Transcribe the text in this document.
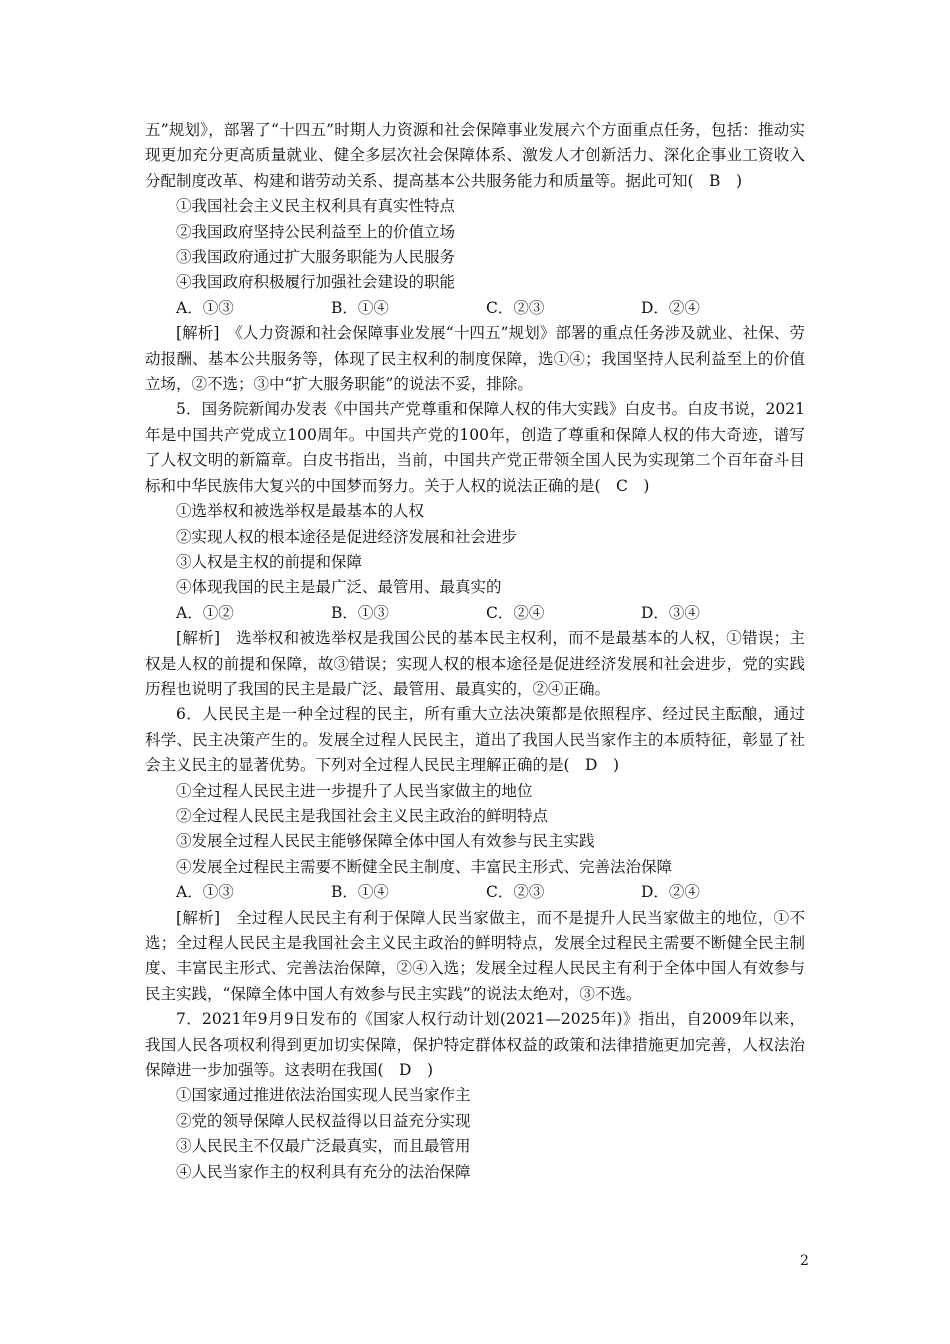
五”规划》，部署了“十四五”时期人力资源和社会保障事业发展六个方面重点任务，包括：推动实现更加充分更高质量就业、健全多层次社会保障体系、激发人才创新活力、深化企事业工资收入分配制度改革、构建和谐劳动关系、提高基本公共服务能力和质量等。据此可知(　B　)

①我国社会主义民主权利具有真实性特点

②我国政府坚持公民利益至上的价值立场

③我国政府通过扩大服务职能为人民服务

④我国政府积极履行加强社会建设的职能

A．①③	B．①④	C．②③	D．②④

[解析]　《人力资源和社会保障事业发展“十四五”规划》部署的重点任务涉及就业、社保、劳动报酬、基本公共服务等，体现了民主权利的制度保障，选①④；我国坚持人民利益至上的价值立场，②不选；③中“扩大服务职能”的说法不妥，排除。

5．国务院新闻办发表《中国共产党尊重和保障人权的伟大实践》白皮书。白皮书说，2021年是中国共产党成立100周年。中国共产党的100年，创造了尊重和保障人权的伟大奇迹，谱写了人权文明的新篇章。白皮书指出，当前，中国共产党正带领全国人民为实现第二个百年奋斗目标和中华民族伟大复兴的中国梦而努力。关于人权的说法正确的是(　C　)

①选举权和被选举权是最基本的人权

②实现人权的根本途径是促进经济发展和社会进步

③人权是主权的前提和保障

④体现我国的民主是最广泛、最管用、最真实的

A．①②	B．①③	C．②④	D．③④

[解析]　选举权和被选举权是我国公民的基本民主权利，而不是最基本的人权，①错误；主权是人权的前提和保障，故③错误；实现人权的根本途径是促进经济发展和社会进步，党的实践历程也说明了我国的民主是最广泛、最管用、最真实的，②④正确。

6．人民民主是一种全过程的民主，所有重大立法决策都是依照程序、经过民主酝酿，通过科学、民主决策产生的。发展全过程人民民主，道出了我国人民当家作主的本质特征，彰显了社会主义民主的显著优势。下列对全过程人民民主理解正确的是(　D　)

①全过程人民民主进一步提升了人民当家做主的地位

②全过程人民民主是我国社会主义民主政治的鲜明特点

③发展全过程人民民主能够保障全体中国人有效参与民主实践

④发展全过程民主需要不断健全民主制度、丰富民主形式、完善法治保障

A．①③	B．①④	C．②③	D．②④

[解析]　全过程人民民主有利于保障人民当家做主，而不是提升人民当家做主的地位，①不选；全过程人民民主是我国社会主义民主政治的鲜明特点，发展全过程民主需要不断健全民主制度、丰富民主形式、完善法治保障，②④入选；发展全过程人民民主有利于全体中国人有效参与民主实践，“保障全体中国人有效参与民主实践”的说法太绝对，③不选。

7．2021年9月9日发布的《国家人权行动计划(2021—2025年)》指出，自2009年以来，我国人民各项权利得到更加切实保障，保护特定群体权益的政策和法律措施更加完善，人权法治保障进一步加强等。这表明在我国(　D　)

①国家通过推进依法治国实现人民当家作主

②党的领导保障人民权益得以日益充分实现

③人民民主不仅最广泛最真实，而且最管用

④人民当家作主的权利具有充分的法治保障

2
